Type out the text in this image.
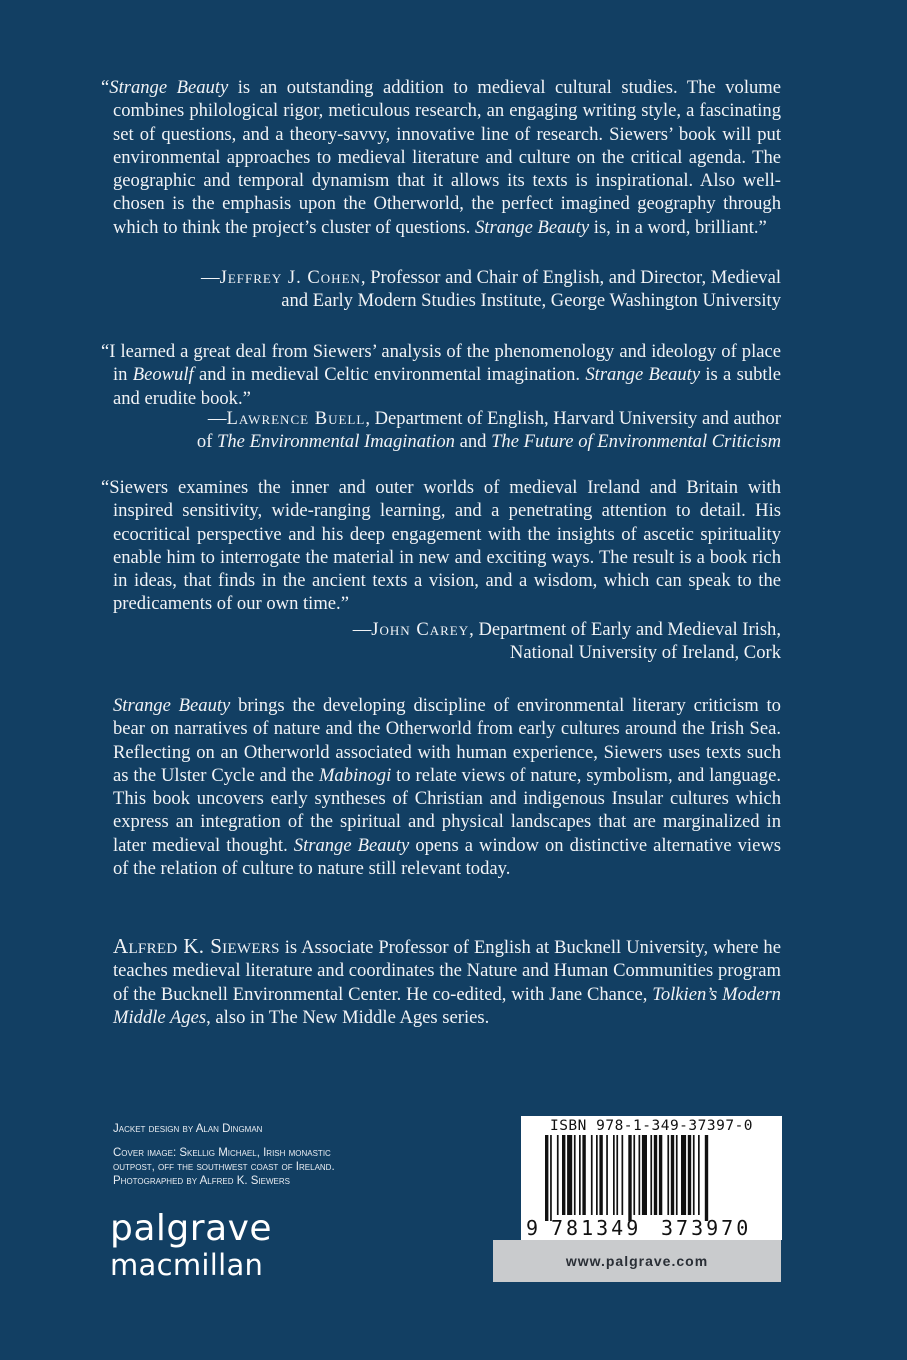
“Strange Beauty is an outstanding addition to medieval cultural studies. The volume combines philological rigor, meticulous research, an engaging writing style, a fascinating set of questions, and a theory-savvy, innovative line of research. Siewers’ book will put environmental approaches to medieval literature and culture on the critical agenda. The geographic and temporal dynamism that it allows its texts is inspirational. Also well-chosen is the emphasis upon the Otherworld, the perfect imagined geography through which to think the project’s cluster of questions. Strange Beauty is, in a word, brilliant.”

—Jeffrey J. Cohen, Professor and Chair of English, and Director, Medieval
and Early Modern Studies Institute, George Washington University

“I learned a great deal from Siewers’ analysis of the phenomenology and ideology of place in Beowulf and in medieval Celtic environmental imagination. Strange Beauty is a subtle and erudite book.”

—Lawrence Buell, Department of English, Harvard University and author
of The Environmental Imagination and The Future of Environmental Criticism

“Siewers examines the inner and outer worlds of medieval Ireland and Britain with inspired sensitivity, wide-ranging learning, and a penetrating attention to detail. His ecocritical perspective and his deep engagement with the insights of ascetic spirituality enable him to interrogate the material in new and exciting ways. The result is a book rich in ideas, that finds in the ancient texts a vision, and a wisdom, which can speak to the predicaments of our own time.”

—John Carey, Department of Early and Medieval Irish,
National University of Ireland, Cork

Strange Beauty brings the developing discipline of environmental literary criticism to bear on narratives of nature and the Otherworld from early cultures around the Irish Sea. Reflecting on an Otherworld associated with human experience, Siewers uses texts such as the Ulster Cycle and the Mabinogi to relate views of nature, symbolism, and language. This book uncovers early syntheses of Christian and indigenous Insular cultures which express an integration of the spiritual and physical landscapes that are marginalized in later medieval thought. Strange Beauty opens a window on distinctive alternative views of the relation of culture to nature still relevant today.

Alfred K. Siewers is Associate Professor of English at Bucknell University, where he teaches medieval literature and coordinates the Nature and Human Communities program of the Bucknell Environmental Center. He co-edited, with Jane Chance, Tolkien’s Modern Middle Ages, also in The New Middle Ages series.

Jacket design by Alan Dingman
Cover image: Skellig Michael, Irish monastic
outpost, off the southwest coast of Ireland.
Photographed by Alfred K. Siewers
palgrave
macmillan
ISBN 978-1-349-37397-0
9 781349 373970
www.palgrave.com
